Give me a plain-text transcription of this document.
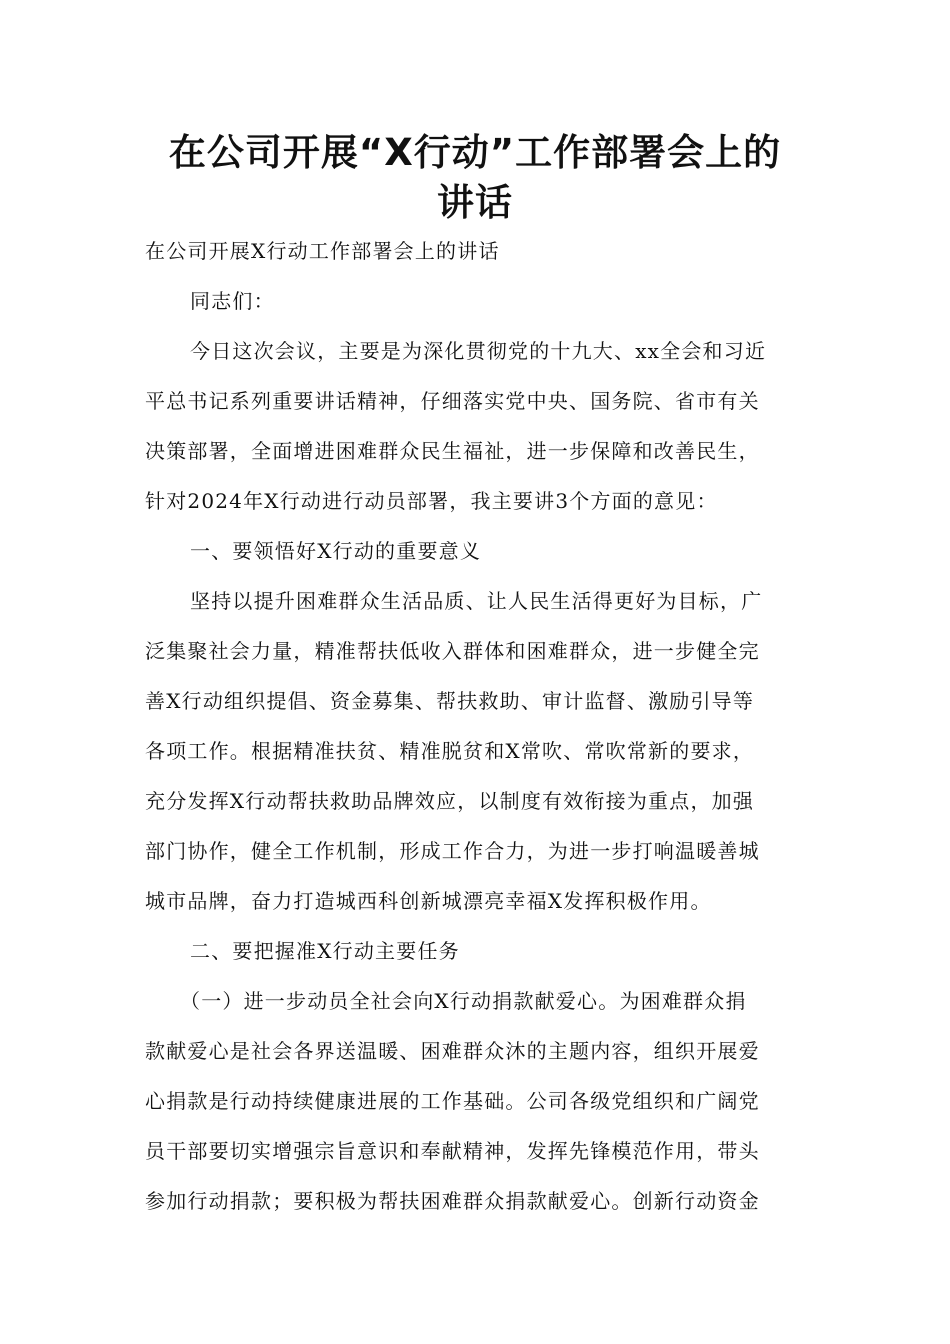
在公司开展“X行动”工作部署会上的
讲话

在公司开展X行动工作部署会上的讲话

同志们：

今日这次会议，主要是为深化贯彻党的十九大、xx全会和习近

平总书记系列重要讲话精神，仔细落实党中央、国务院、省市有关

决策部署，全面增进困难群众民生福祉，进一步保障和改善民生，

针对2024年X行动进行动员部署，我主要讲3个方面的意见：

一、要领悟好X行动的重要意义

坚持以提升困难群众生活品质、让人民生活得更好为目标，广

泛集聚社会力量，精准帮扶低收入群体和困难群众，进一步健全完

善X行动组织提倡、资金募集、帮扶救助、审计监督、激励引导等

各项工作。根据精准扶贫、精准脱贫和X常吹、常吹常新的要求，

充分发挥X行动帮扶救助品牌效应，以制度有效衔接为重点，加强

部门协作，健全工作机制，形成工作合力，为进一步打响温暖善城

城市品牌，奋力打造城西科创新城漂亮幸福X发挥积极作用。

二、要把握准X行动主要任务

（一）进一步动员全社会向X行动捐款献爱心。为困难群众捐

款献爱心是社会各界送温暖、困难群众沐的主题内容，组织开展爱

心捐款是行动持续健康进展的工作基础。公司各级党组织和广阔党

员干部要切实增强宗旨意识和奉献精神，发挥先锋模范作用，带头

参加行动捐款；要积极为帮扶困难群众捐款献爱心。创新行动资金
